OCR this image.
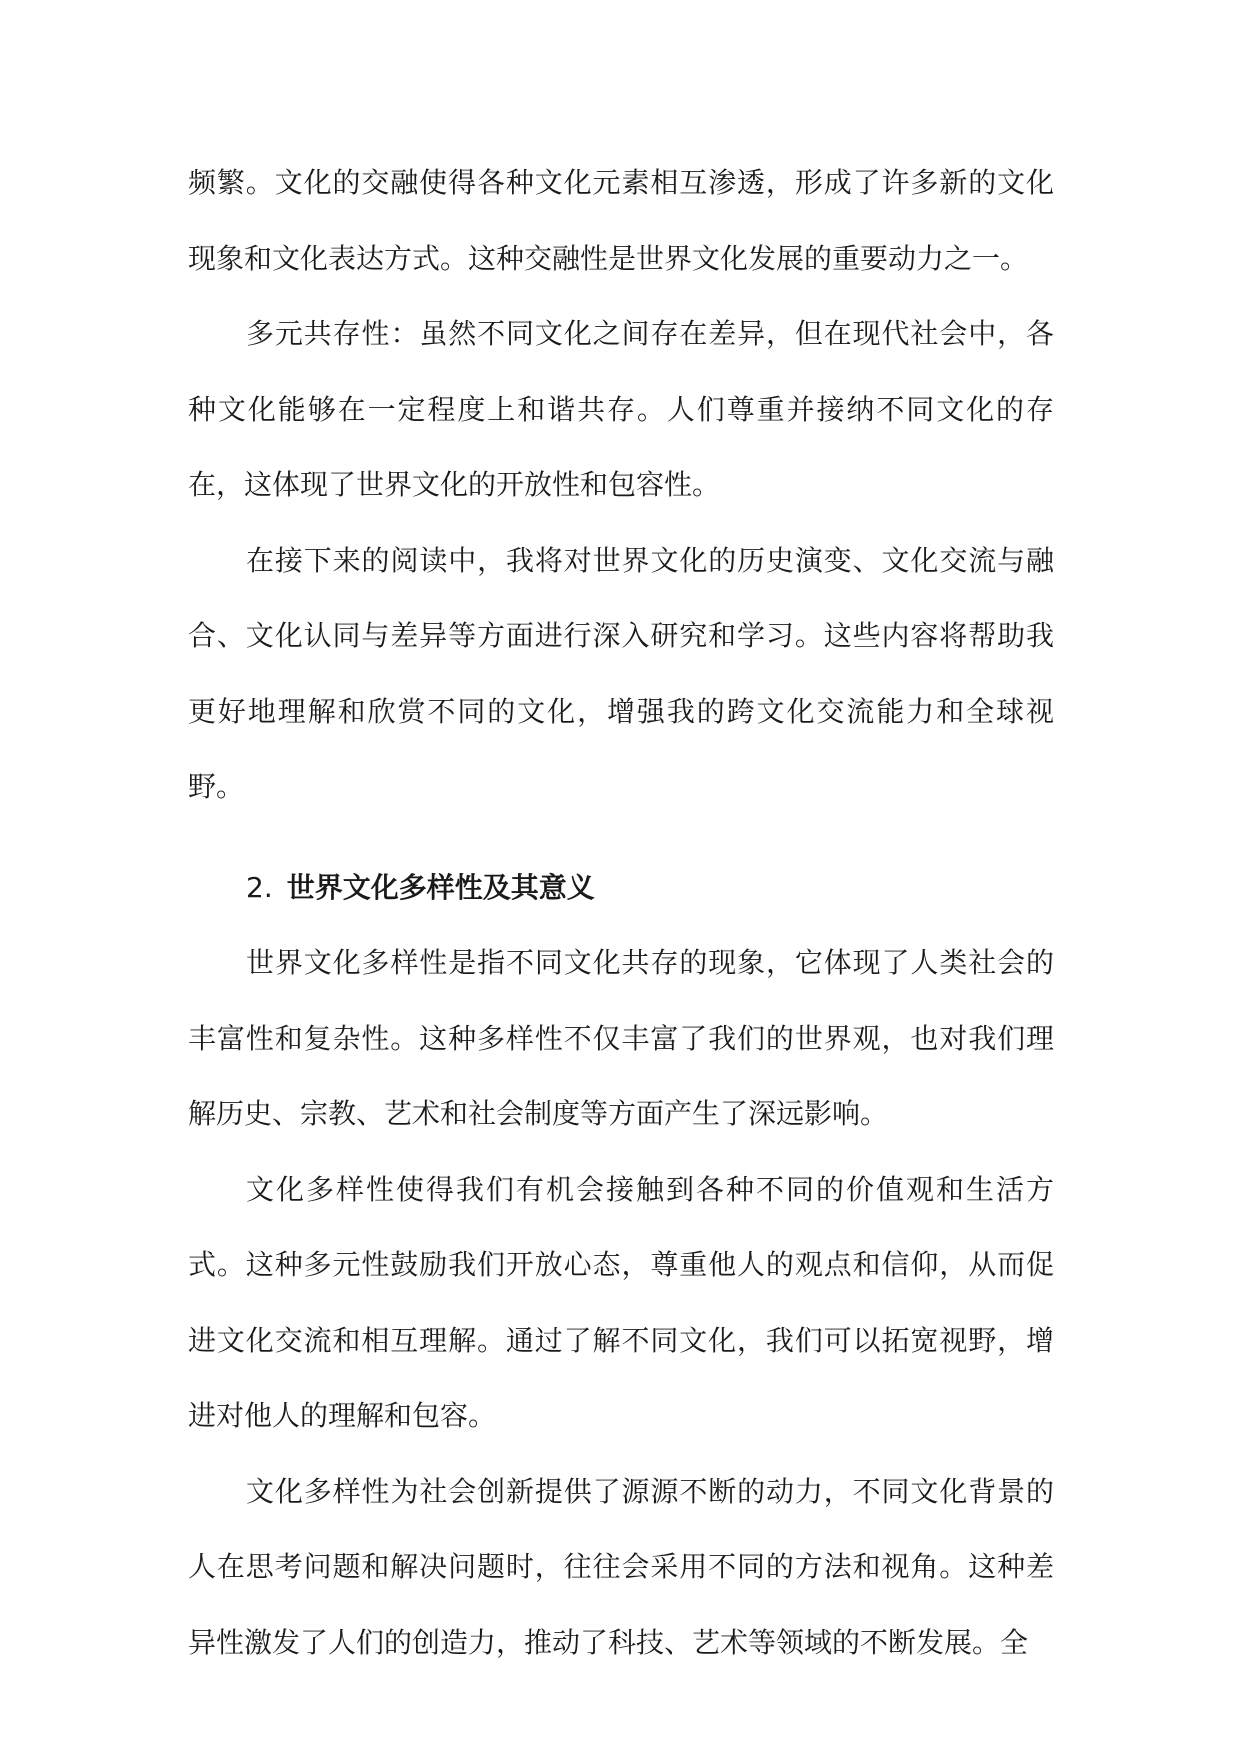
频繁。文化的交融使得各种文化元素相互渗透，形成了许多新的文化现象和文化表达方式。这种交融性是世界文化发展的重要动力之一。

多元共存性：虽然不同文化之间存在差异，但在现代社会中，各种文化能够在一定程度上和谐共存。人们尊重并接纳不同文化的存在，这体现了世界文化的开放性和包容性。

在接下来的阅读中，我将对世界文化的历史演变、文化交流与融合、文化认同与差异等方面进行深入研究和学习。这些内容将帮助我更好地理解和欣赏不同的文化，增强我的跨文化交流能力和全球视野。

2. 世界文化多样性及其意义

世界文化多样性是指不同文化共存的现象，它体现了人类社会的丰富性和复杂性。这种多样性不仅丰富了我们的世界观，也对我们理解历史、宗教、艺术和社会制度等方面产生了深远影响。

文化多样性使得我们有机会接触到各种不同的价值观和生活方式。这种多元性鼓励我们开放心态，尊重他人的观点和信仰，从而促进文化交流和相互理解。通过了解不同文化，我们可以拓宽视野，增进对他人的理解和包容。

文化多样性为社会创新提供了源源不断的动力，不同文化背景的人在思考问题和解决问题时，往往会采用不同的方法和视角。这种差异性激发了人们的创造力，推动了科技、艺术等领域的不断发展。全
